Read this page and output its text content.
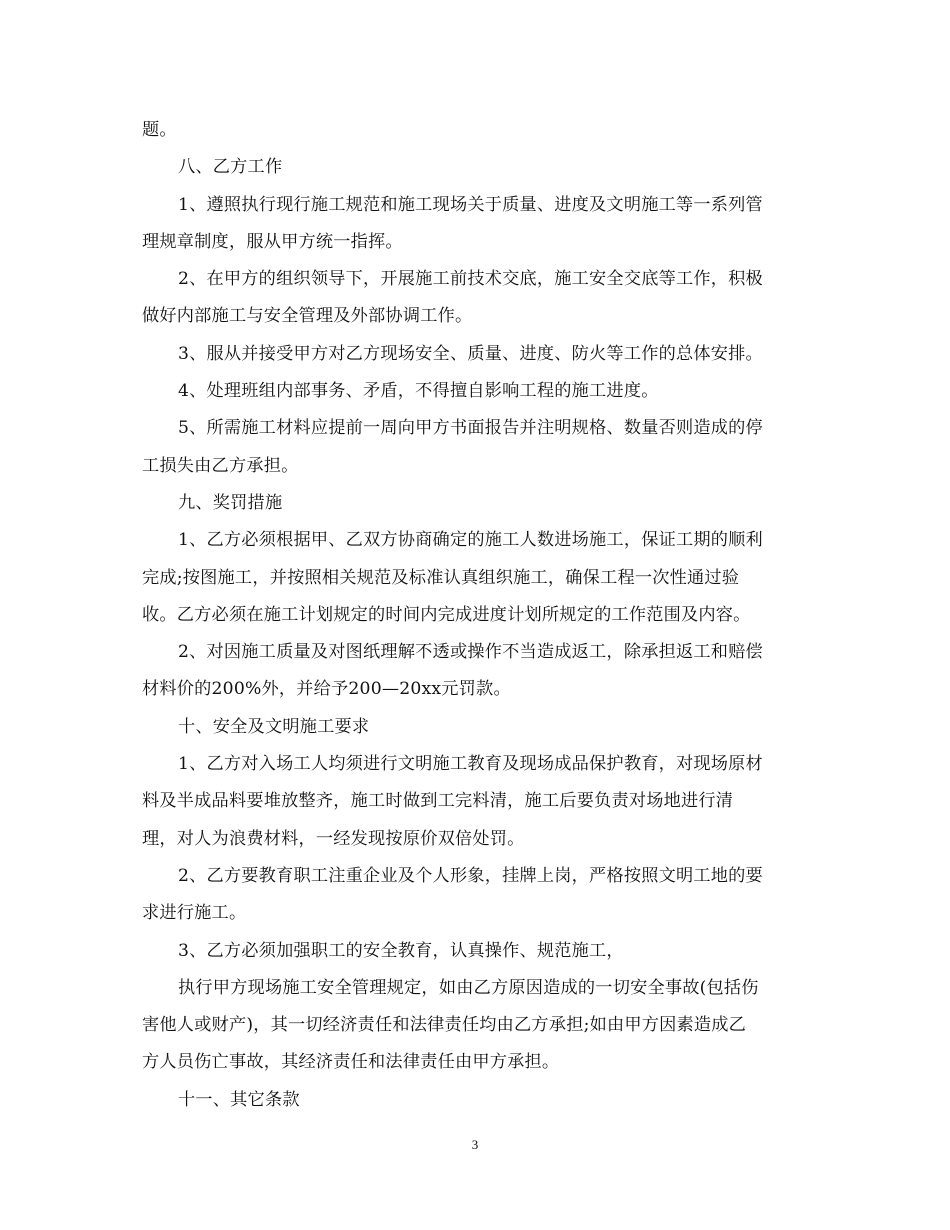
题。
八、乙方工作
1、遵照执行现行施工规范和施工现场关于质量、进度及文明施工等一系列管
理规章制度，服从甲方统一指挥。
2、在甲方的组织领导下，开展施工前技术交底，施工安全交底等工作，积极
做好内部施工与安全管理及外部协调工作。
3、服从并接受甲方对乙方现场安全、质量、进度、防火等工作的总体安排。
4、处理班组内部事务、矛盾，不得擅自影响工程的施工进度。
5、所需施工材料应提前一周向甲方书面报告并注明规格、数量否则造成的停
工损失由乙方承担。
九、奖罚措施
1、乙方必须根据甲、乙双方协商确定的施工人数进场施工，保证工期的顺利
完成;按图施工，并按照相关规范及标准认真组织施工，确保工程一次性通过验
收。乙方必须在施工计划规定的时间内完成进度计划所规定的工作范围及内容。
2、对因施工质量及对图纸理解不透或操作不当造成返工，除承担返工和赔偿
材料价的200%外，并给予200—20xx元罚款。
十、安全及文明施工要求
1、乙方对入场工人均须进行文明施工教育及现场成品保护教育，对现场原材
料及半成品料要堆放整齐，施工时做到工完料清，施工后要负责对场地进行清
理，对人为浪费材料，一经发现按原价双倍处罚。
2、乙方要教育职工注重企业及个人形象，挂牌上岗，严格按照文明工地的要
求进行施工。
3、乙方必须加强职工的安全教育，认真操作、规范施工，
执行甲方现场施工安全管理规定，如由乙方原因造成的一切安全事故(包括伤
害他人或财产)，其一切经济责任和法律责任均由乙方承担;如由甲方因素造成乙
方人员伤亡事故，其经济责任和法律责任由甲方承担。
十一、其它条款
3
